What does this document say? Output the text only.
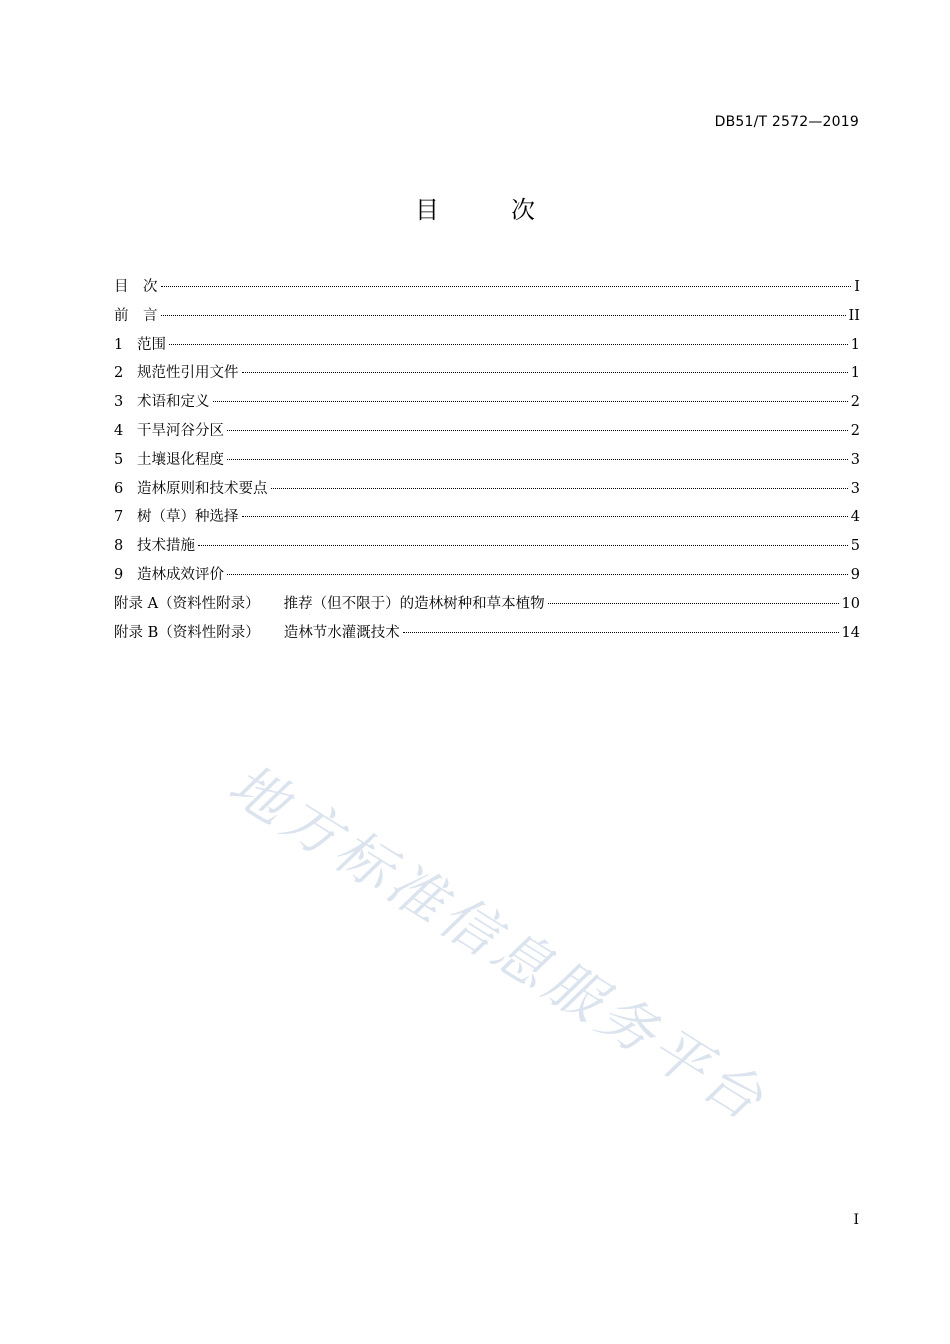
DB51/T 2572—2019
目　次
目　次	I
前　言	II
1 范围	1
2 规范性引用文件	1
3 术语和定义	2
4 干旱河谷分区	2
5 土壤退化程度	3
6 造林原则和技术要点	3
7 树（草）种选择	4
8 技术措施	5
9 造林成效评价	9
附录 A（资料性附录） 推荐（但不限于）的造林树种和草本植物	10
附录 B（资料性附录） 造林节水灌溉技术	14
地方标准信息服务平台
I
